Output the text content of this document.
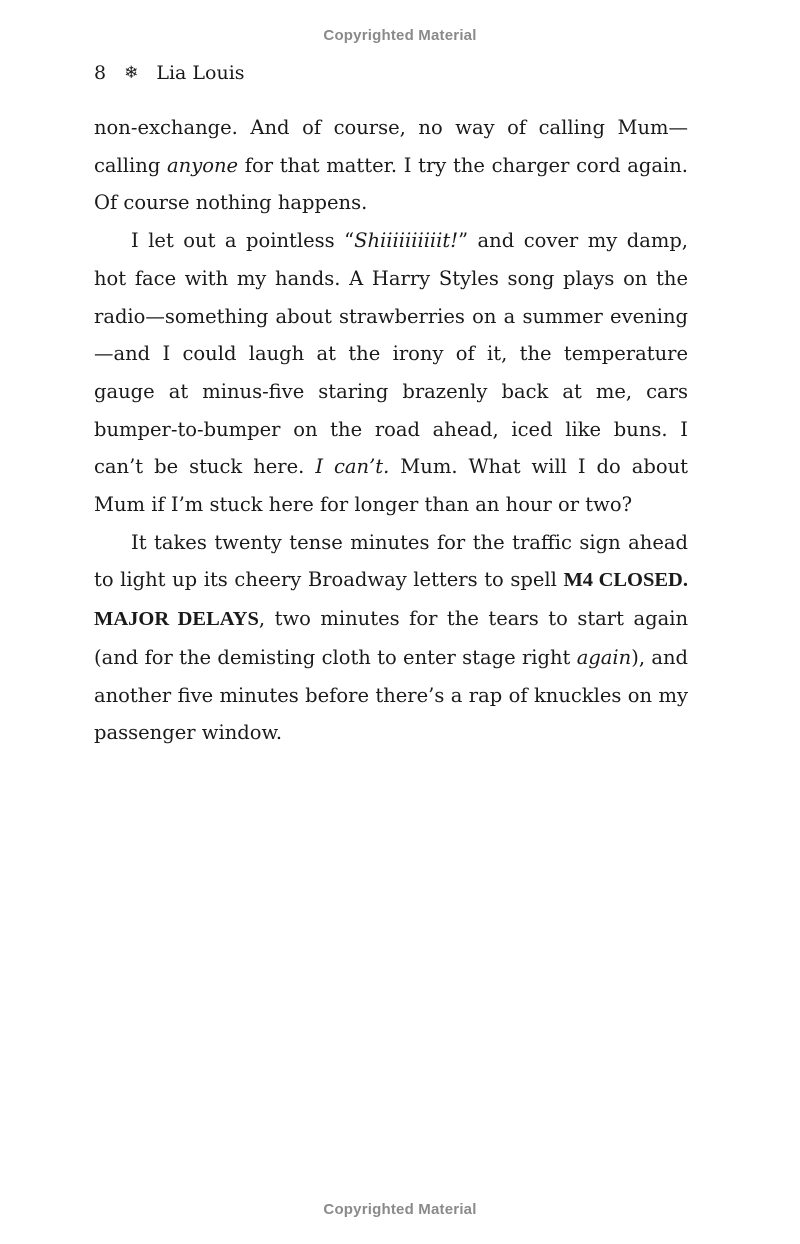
Copyrighted Material
8 ❄ Lia Louis

non-exchange. And of course, no way of calling Mum—calling anyone for that matter. I try the charger cord again. Of course nothing happens.

I let out a pointless “Shiiiiiiiiiit!” and cover my damp, hot face with my hands. A Harry Styles song plays on the radio—something about strawberries on a summer evening—and I could laugh at the irony of it, the temperature gauge at minus-five staring brazenly back at me, cars bumper-to-bumper on the road ahead, iced like buns. I can’t be stuck here. I can’t. Mum. What will I do about Mum if I’m stuck here for longer than an hour or two?

It takes twenty tense minutes for the traffic sign ahead to light up its cheery Broadway letters to spell M4 CLOSED. MAJOR DELAYS, two minutes for the tears to start again (and for the demisting cloth to enter stage right again), and another five minutes before there’s a rap of knuckles on my passenger window.

Copyrighted Material
